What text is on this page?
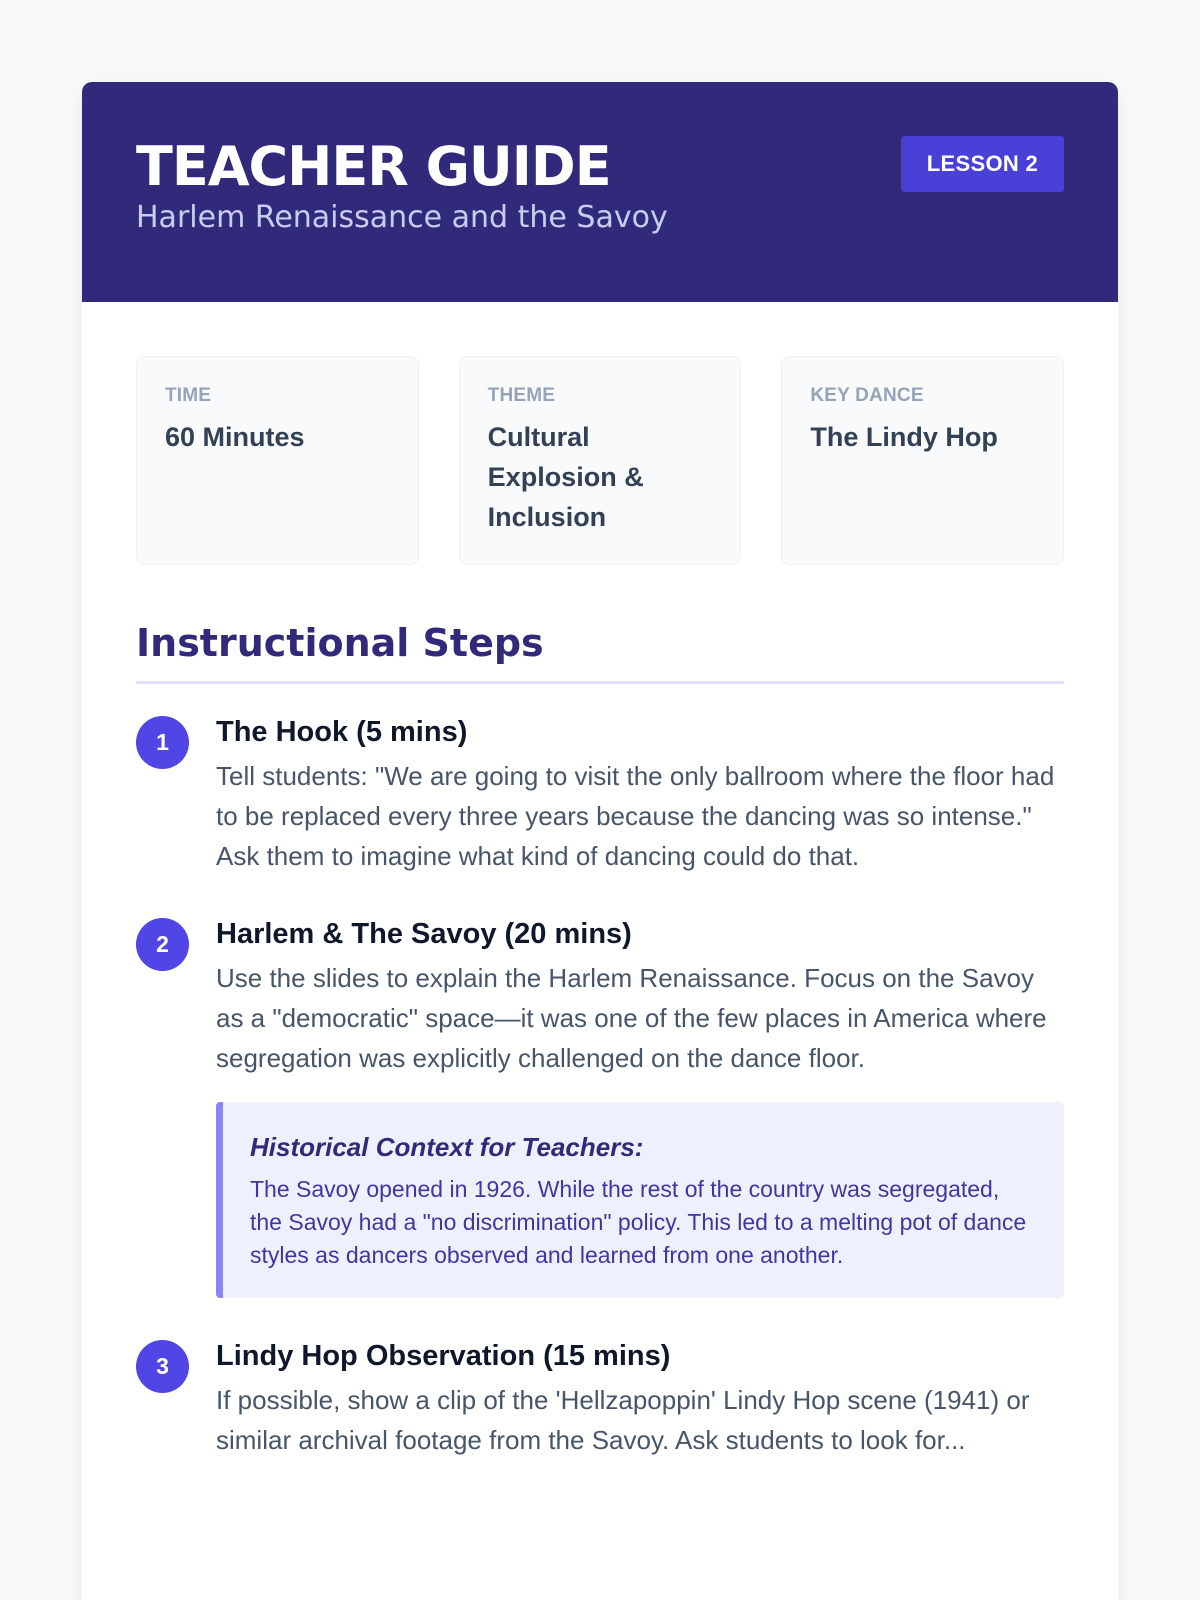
TEACHER GUIDE
Harlem Renaissance and the Savoy
LESSON 2
TIME
60 Minutes
THEME
Cultural Explosion & Inclusion
KEY DANCE
The Lindy Hop
Instructional Steps
1	The Hook (5 mins)
Tell students: "We are going to visit the only ballroom where the floor had to be replaced every three years because the dancing was so intense." Ask them to imagine what kind of dancing could do that.
2	Harlem & The Savoy (20 mins)
Use the slides to explain the Harlem Renaissance. Focus on the Savoy as a "democratic" space—it was one of the few places in America where segregation was explicitly challenged on the dance floor.
Historical Context for Teachers:
The Savoy opened in 1926. While the rest of the country was segregated, the Savoy had a "no discrimination" policy. This led to a melting pot of dance styles as dancers observed and learned from one another.
3	Lindy Hop Observation (15 mins)
If possible, show a clip of the 'Hellzapoppin' Lindy Hop scene (1941) or similar archival footage from the Savoy. Ask students to look for...
